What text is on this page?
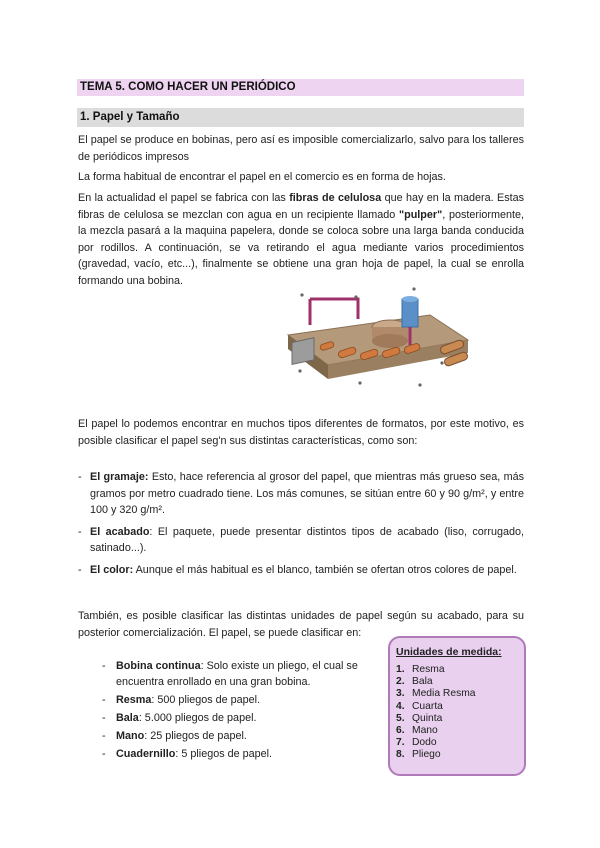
TEMA 5. COMO HACER UN PERIÓDICO
1. Papel y Tamaño

El papel se produce en bobinas, pero así es imposible comercializarlo, salvo para los talleres de periódicos impresos

La forma habitual de encontrar el papel en el comercio es en forma de hojas.

En la actualidad el papel se fabrica con las fibras de celulosa que hay en la madera. Estas fibras de celulosa se mezclan con agua en un recipiente llamado "pulper", posteriormente, la mezcla pasará a la maquina papelera, donde se coloca sobre una larga banda conducida por rodillos. A continuación, se va retirando el agua mediante varios procedimientos (gravedad, vacío, etc...), finalmente se obtiene una gran hoja de papel, la cual se enrolla formando una bobina.

El papel lo podemos encontrar en muchos tipos diferentes de formatos, por este motivo, es posible clasificar el papel seg'n sus distintas características, como son:

- El gramaje: Esto, hace referencia al grosor del papel, que mientras más grueso sea, más gramos por metro cuadrado tiene. Los más comunes, se sitúan entre 60 y 90 g/m², y entre 100 y 320 g/m².
- El acabado: El paquete, puede presentar distintos tipos de acabado (liso, corrugado, satinado...).
- El color: Aunque el más habitual es el blanco, también se ofertan otros colores de papel.

También, es posible clasificar las distintas unidades de papel según su acabado, para su posterior comercialización. El papel, se puede clasificar en:

- Bobina continua: Solo existe un pliego, el cual se encuentra enrollado en una gran bobina.
- Resma: 500 pliegos de papel.
- Bala: 5.000 pliegos de papel.
- Mano: 25 pliegos de papel.
- Cuadernillo: 5 pliegos de papel.

Unidades de medida:

1. Resma
2. Bala
3. Media Resma
4. Cuarta
5. Quinta
6. Mano
7. Dodo
8. Pliego
